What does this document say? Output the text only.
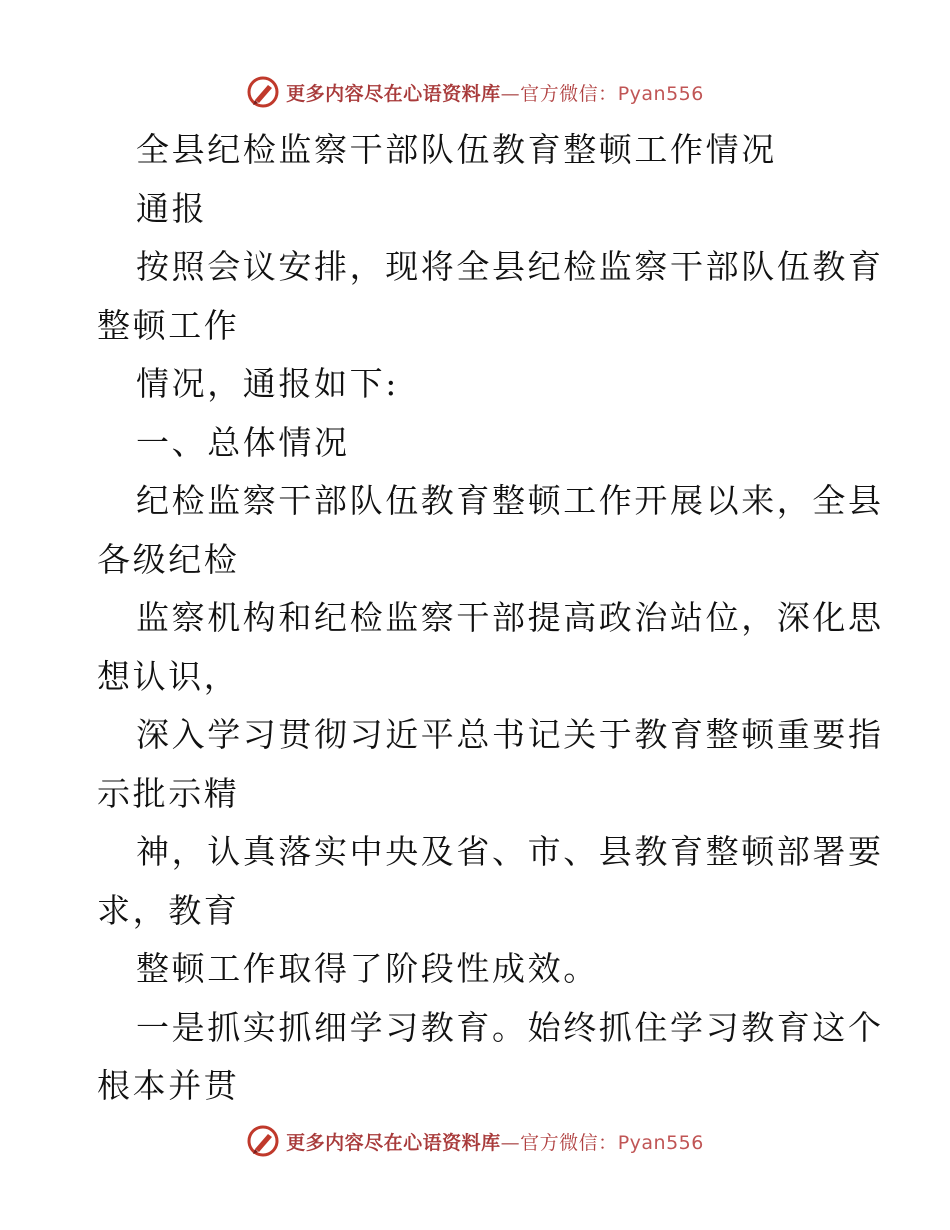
更多内容尽在心语资料库—官方微信：Pyan556
全县纪检监察干部队伍教育整顿工作情况
通报
按照会议安排，现将全县纪检监察干部队伍教育
整顿工作
情况，通报如下:
一、总体情况
纪检监察干部队伍教育整顿工作开展以来，全县
各级纪检
监察机构和纪检监察干部提高政治站位，深化思
想认识，
深入学习贯彻习近平总书记关于教育整顿重要指
示批示精
神，认真落实中央及省、市、县教育整顿部署要
求，教育
整顿工作取得了阶段性成效。
一是抓实抓细学习教育。始终抓住学习教育这个
根本并贯
更多内容尽在心语资料库—官方微信：Pyan556
